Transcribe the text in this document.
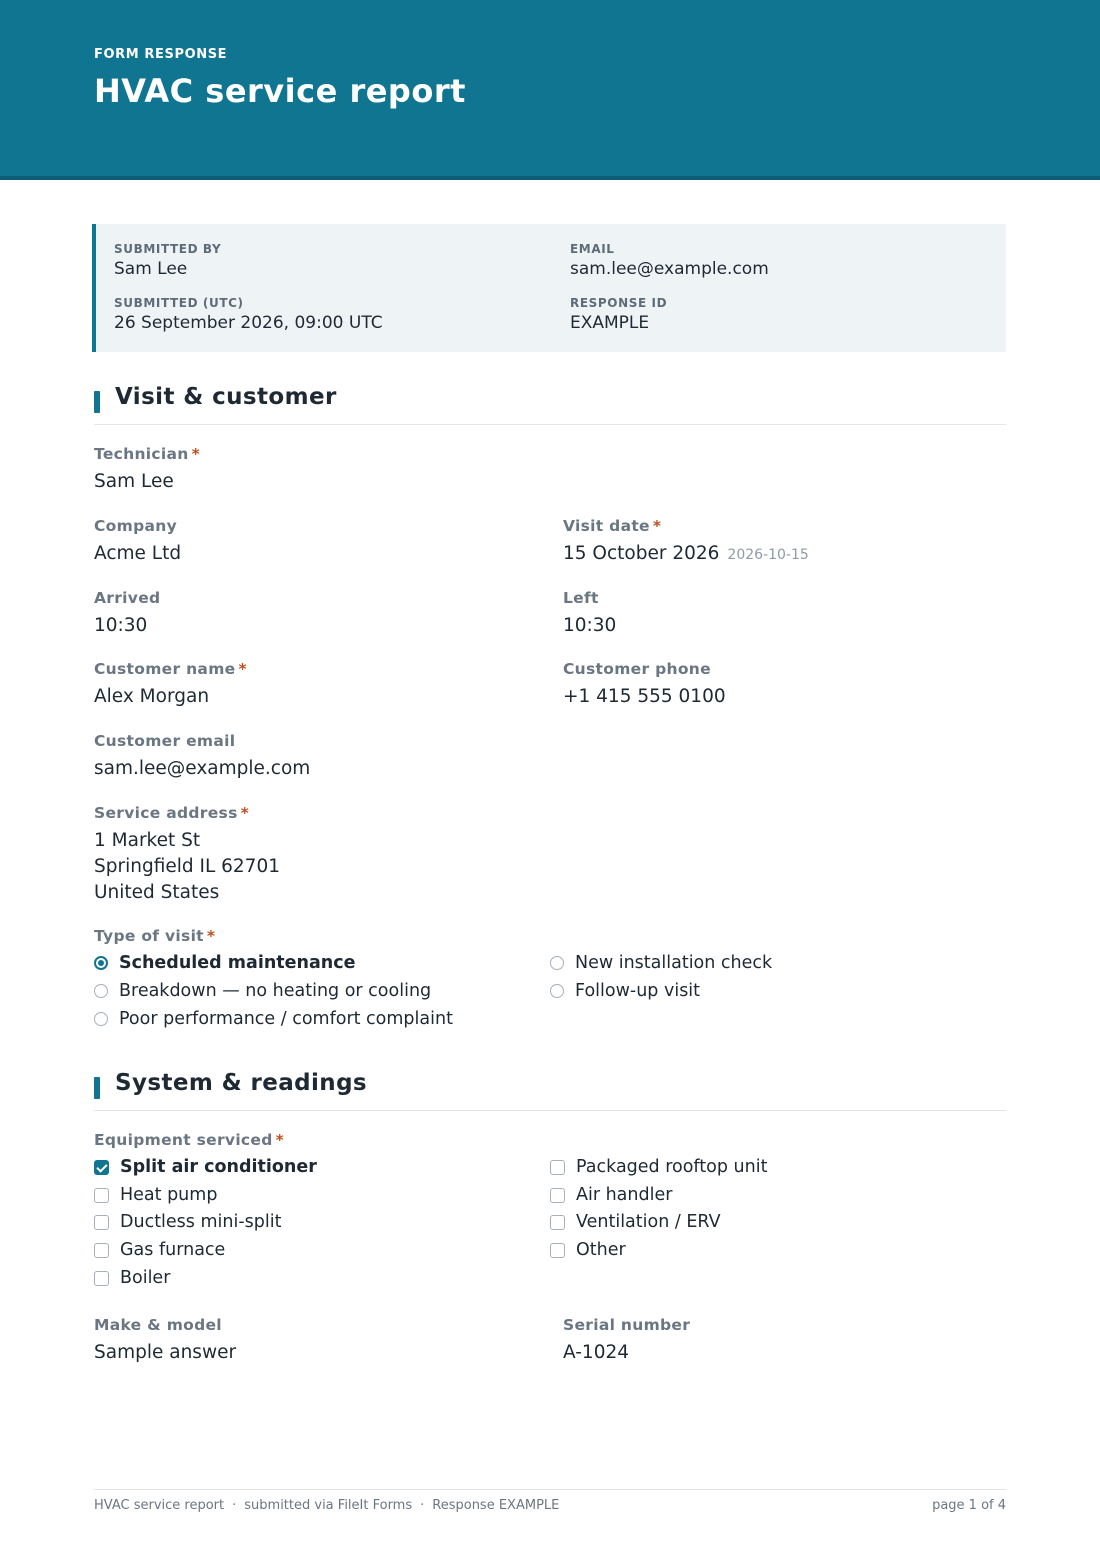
FORM RESPONSE
HVAC service report
SUBMITTED BY
Sam Lee
EMAIL
sam.lee@example.com
SUBMITTED (UTC)
26 September 2026, 09:00 UTC
RESPONSE ID
EXAMPLE
Visit & customer
Technician *
Sam Lee
Company
Acme Ltd
Visit date *
15 October 2026 2026-10-15
Arrived
10:30
Left
10:30
Customer name *
Alex Morgan
Customer phone
+1 415 555 0100
Customer email
sam.lee@example.com
Service address *
1 Market St
Springfield IL 62701
United States
Type of visit *
Scheduled maintenance
Breakdown — no heating or cooling
Poor performance / comfort complaint
New installation check
Follow-up visit
System & readings
Equipment serviced *
Split air conditioner
Heat pump
Ductless mini-split
Gas furnace
Boiler
Packaged rooftop unit
Air handler
Ventilation / ERV
Other
Make & model
Sample answer
Serial number
A-1024
HVAC service report · submitted via FileIt Forms · Response EXAMPLE	page 1 of 4
